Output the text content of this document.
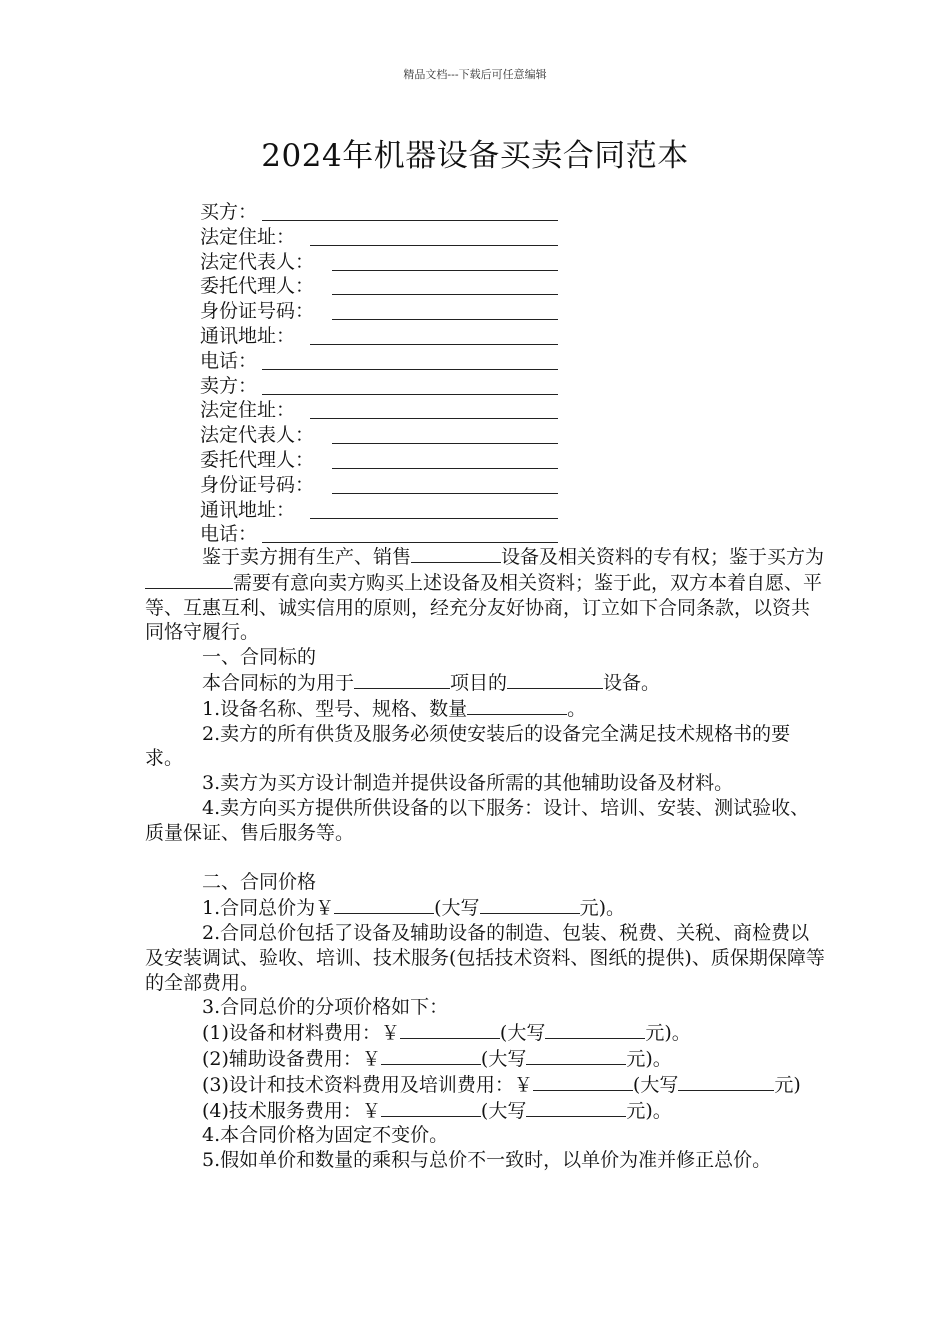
精品文档---下载后可任意编辑
2024年机器设备买卖合同范本
买方：
法定住址：
法定代表人：
委托代理人：
身份证号码：
通讯地址：
电话：
卖方：
法定住址：
法定代表人：
委托代理人：
身份证号码：
通讯地址：
电话：

鉴于卖方拥有生产、销售	设备及相关资料的专有权；鉴于买方为需要有意向卖方购买上述设备及相关资料；鉴于此，双方本着自愿、平等、互惠互利、诚实信用的原则，经充分友好协商，订立如下合同条款，以资共同恪守履行。

一、合同标的

本合同标的为用于	项目的	设备。

1.设备名称、型号、规格、数量	。

2.卖方的所有供货及服务必须使安装后的设备完全满足技术规格书的要求。

3.卖方为买方设计制造并提供设备所需的其他辅助设备及材料。

4.卖方向买方提供所供设备的以下服务：设计、培训、安装、测试验收、质量保证、售后服务等。

二、合同价格

1.合同总价为￥	(大写	元)。

2.合同总价包括了设备及辅助设备的制造、包装、税费、关税、商检费以及安装调试、验收、培训、技术服务(包括技术资料、图纸的提供)、质保期保障等的全部费用。

3.合同总价的分项价格如下：

(1)设备和材料费用：￥	(大写	元)。

(2)辅助设备费用：￥	(大写	元)。

(3)设计和技术资料费用及培训费用：￥	(大写	元)

(4)技术服务费用：￥	(大写	元)。

4.本合同价格为固定不变价。

5.假如单价和数量的乘积与总价不一致时，以单价为准并修正总价。
